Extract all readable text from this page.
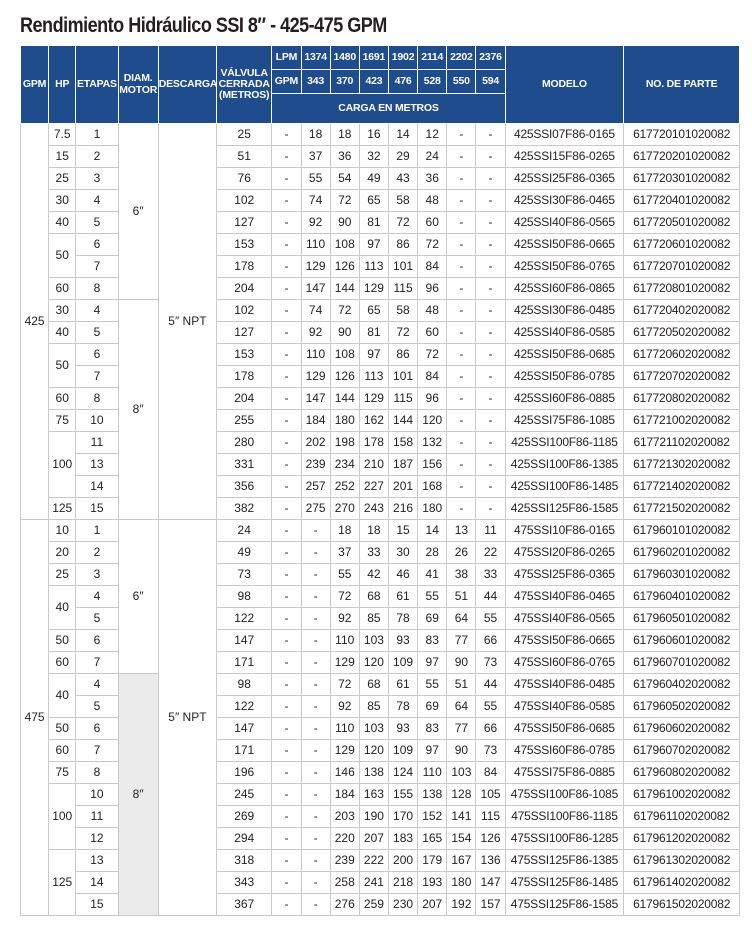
Rendimiento Hidráulico SSI 8″ - 425-475 GPM
GPM	HP	ETAPAS	DIAM. MOTOR	DESCARGA	VÁLVULA CERRADA (METROS)	LPM	1374	1480	1691	1902	2114	2202	2376	MODELO	NO. DE PARTE
						GPM	343	370	423	476	528	550	594		
						CARGA EN METROS									
425	7.5	1	6″	5″ NPT	25	-	18	18	16	14	12	-	-	425SSI07F86-0165	617720101020082
	15	2			51	-	37	36	32	29	24	-	-	425SSI15F86-0265	617720201020082
	25	3			76	-	55	54	49	43	36	-	-	425SSI25F86-0365	617720301020082
	30	4			102	-	74	72	65	58	48	-	-	425SSI30F86-0465	617720401020082
	40	5			127	-	92	90	81	72	60	-	-	425SSI40F86-0565	617720501020082
	50	6			153	-	110	108	97	86	72	-	-	425SSI50F86-0665	617720601020082
		7			178	-	129	126	113	101	84	-	-	425SSI50F86-0765	617720701020082
	60	8			204	-	147	144	129	115	96	-	-	425SSI60F86-0865	617720801020082
	30	4	8″		102	-	74	72	65	58	48	-	-	425SSI30F86-0485	617720402020082
	40	5			127	-	92	90	81	72	60	-	-	425SSI40F86-0585	617720502020082
	50	6			153	-	110	108	97	86	72	-	-	425SSI50F86-0685	617720602020082
		7			178	-	129	126	113	101	84	-	-	425SSI50F86-0785	617720702020082
	60	8			204	-	147	144	129	115	96	-	-	425SSI60F86-0885	617720802020082
	75	10			255	-	184	180	162	144	120	-	-	425SSI75F86-1085	617721002020082
	100	11			280	-	202	198	178	158	132	-	-	425SSI100F86-1185	617721102020082
		13			331	-	239	234	210	187	156	-	-	425SSI100F86-1385	617721302020082
		14			356	-	257	252	227	201	168	-	-	425SSI100F86-1485	617721402020082
	125	15			382	-	275	270	243	216	180	-	-	425SSI125F86-1585	617721502020082
475	10	1	6″	5″ NPT	24	-	-	18	18	15	14	13	11	475SSI10F86-0165	617960101020082
	20	2			49	-	-	37	33	30	28	26	22	475SSI20F86-0265	617960201020082
	25	3			73	-	-	55	42	46	41	38	33	475SSI25F86-0365	617960301020082
	40	4			98	-	-	72	68	61	55	51	44	475SSI40F86-0465	617960401020082
		5			122	-	-	92	85	78	69	64	55	475SSI40F86-0565	617960501020082
	50	6			147	-	-	110	103	93	83	77	66	475SSI50F86-0665	617960601020082
	60	7			171	-	-	129	120	109	97	90	73	475SSI60F86-0765	617960701020082
	40	4	8″		98	-	-	72	68	61	55	51	44	475SSI40F86-0485	617960402020082
		5			122	-	-	92	85	78	69	64	55	475SSI40F86-0585	617960502020082
	50	6			147	-	-	110	103	93	83	77	66	475SSI50F86-0685	617960602020082
	60	7			171	-	-	129	120	109	97	90	73	475SSI60F86-0785	617960702020082
	75	8			196	-	-	146	138	124	110	103	84	475SSI75F86-0885	617960802020082
	100	10			245	-	-	184	163	155	138	128	105	475SSI100F86-1085	617961002020082
		11			269	-	-	203	190	170	152	141	115	475SSI100F86-1185	617961102020082
		12			294	-	-	220	207	183	165	154	126	475SSI100F86-1285	617961202020082
	125	13			318	-	-	239	222	200	179	167	136	475SSI125F86-1385	617961302020082
		14			343	-	-	258	241	218	193	180	147	475SSI125F86-1485	617961402020082
		15			367	-	-	276	259	230	207	192	157	475SSI125F86-1585	617961502020082
